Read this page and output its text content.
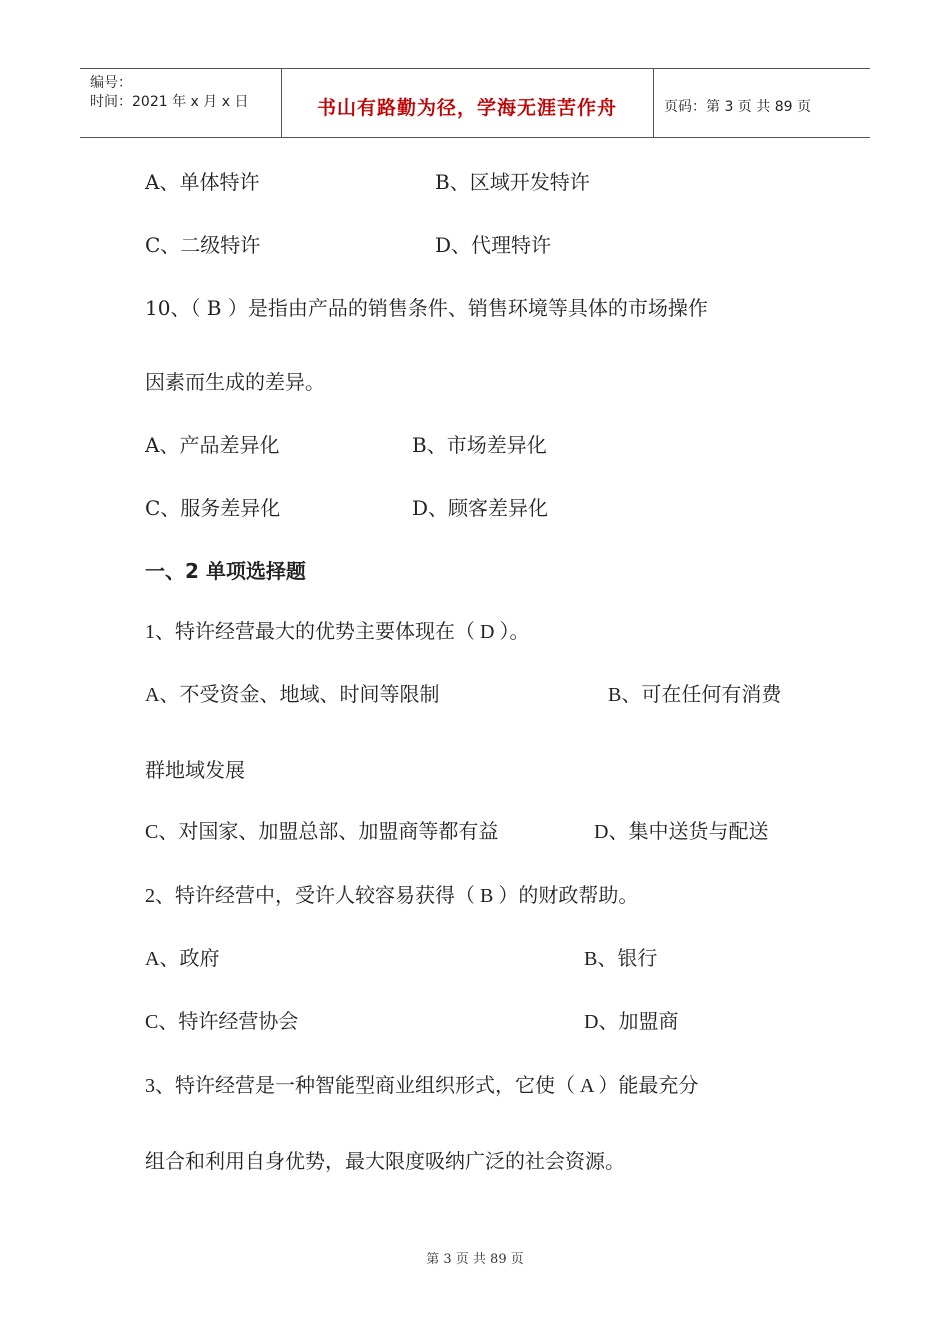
编号：
时间：2021 年 x 月 x 日	书山有路勤为径，学海无涯苦作舟	页码：第 3 页 共 89 页
A、单体特许	B、区域开发特许
C、二级特许	D、代理特许
10、（ B ）是指由产品的销售条件、销售环境等具体的市场操作
因素而生成的差异。
A、产品差异化	B、市场差异化
C、服务差异化	D、顾客差异化
一、2 单项选择题
1、特许经营最大的优势主要体现在（ D ）。
A、不受资金、地域、时间等限制	B、可在任何有消费
群地域发展
C、对国家、加盟总部、加盟商等都有益	D、集中送货与配送
2、特许经营中，受许人较容易获得（ B ）的财政帮助。
A、政府	B、银行
C、特许经营协会	D、加盟商
3、特许经营是一种智能型商业组织形式，它使（ A ）能最充分
组合和利用自身优势，最大限度吸纳广泛的社会资源。
第 3 页 共 89 页
